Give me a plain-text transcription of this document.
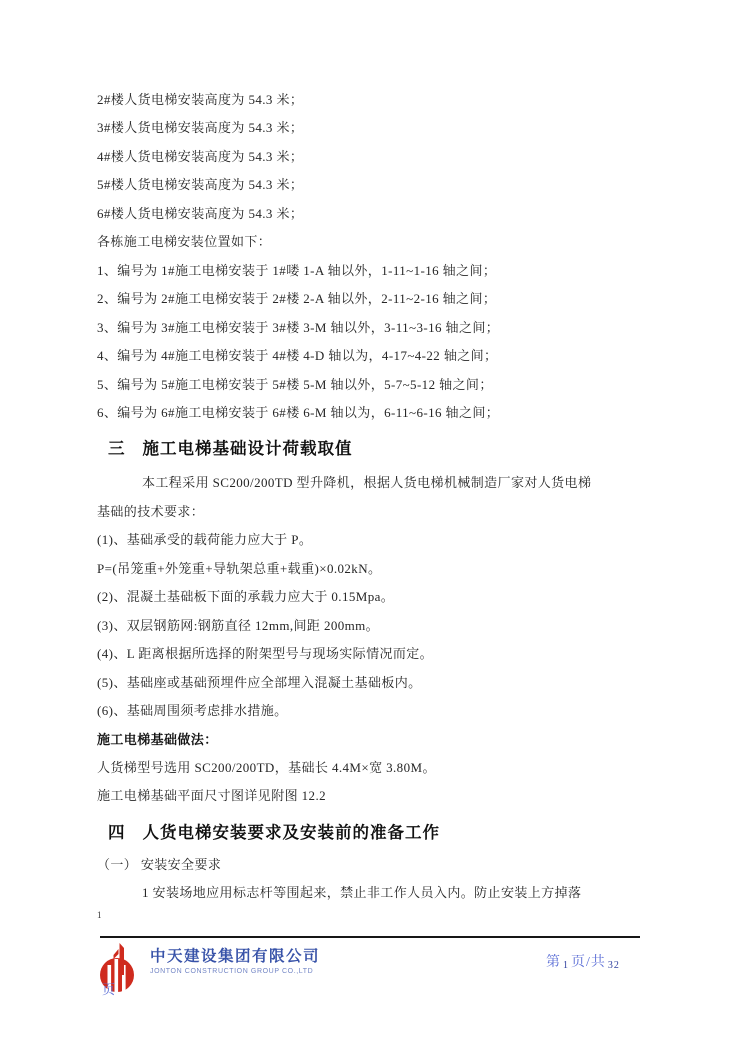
2#楼人货电梯安装高度为 54.3 米；

3#楼人货电梯安装高度为 54.3 米；

4#楼人货电梯安装高度为 54.3 米；

5#楼人货电梯安装高度为 54.3 米；

6#楼人货电梯安装高度为 54.3 米；

各栋施工电梯安装位置如下：

1、编号为 1#施工电梯安装于 1#喽 1-A 轴以外，1-11~1-16 轴之间；

2、编号为 2#施工电梯安装于 2#楼 2-A 轴以外，2-11~2-16 轴之间；

3、编号为 3#施工电梯安装于 3#楼 3-M 轴以外，3-11~3-16 轴之间；

4、编号为 4#施工电梯安装于 4#楼 4-D 轴以为，4-17~4-22 轴之间；

5、编号为 5#施工电梯安装于 5#楼 5-M 轴以外，5-7~5-12 轴之间；

6、编号为 6#施工电梯安装于 6#楼 6-M 轴以为，6-11~6-16 轴之间；

三 施工电梯基础设计荷载取值

本工程采用 SC200/200TD 型升降机，根据人货电梯机械制造厂家对人货电梯

基础的技术要求：

(1)、基础承受的载荷能力应大于 P。

P=(吊笼重+外笼重+导轨架总重+载重)×0.02kN。

(2)、混凝土基础板下面的承载力应大于 0.15Mpa。

(3)、双层钢筋网:钢筋直径 12mm,间距 200mm。

(4)、L 距离根据所选择的附架型号与现场实际情况而定。

(5)、基础座或基础预埋件应全部埋入混凝土基础板内。

(6)、基础周围须考虑排水措施。

施工电梯基础做法：

人货梯型号选用 SC200/200TD，基础长 4.4M×宽 3.80M。

施工电梯基础平面尺寸图详见附图 12.2

四 人货电梯安装要求及安装前的准备工作

（一） 安装安全要求

1 安装场地应用标志杆等围起来，禁止非工作人员入内。防止安装上方掉落

1

中天建设集团有限公司
JONTON CONSTRUCTION GROUP CO.,LTD
第 1 页/共 32
页
